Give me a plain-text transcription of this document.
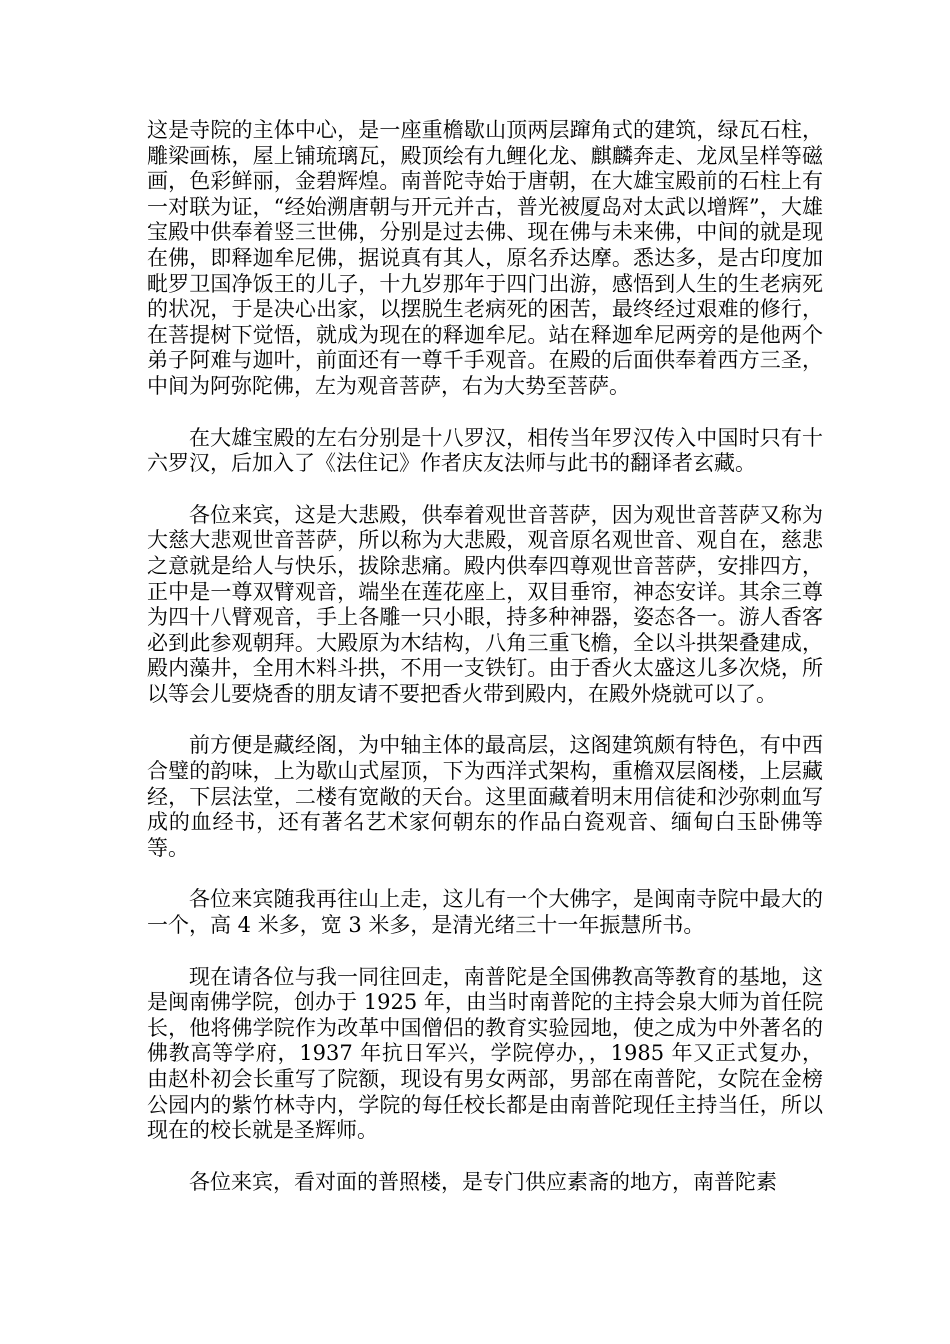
这是寺院的主体中心，是一座重檐歇山顶两层蹿角式的建筑，绿瓦石柱，雕梁画栋，屋上铺琉璃瓦，殿顶绘有九鲤化龙、麒麟奔走、龙凤呈样等磁画，色彩鲜丽，金碧辉煌。南普陀寺始于唐朝，在大雄宝殿前的石柱上有一对联为证，“经始溯唐朝与开元并古，普光被厦岛对太武以增辉”，大雄宝殿中供奉着竖三世佛，分别是过去佛、现在佛与未来佛，中间的就是现在佛，即释迦牟尼佛，据说真有其人，原名乔达摩。悉达多，是古印度加毗罗卫国净饭王的儿子，十九岁那年于四门出游，感悟到人生的生老病死的状况，于是决心出家，以摆脱生老病死的困苦，最终经过艰难的修行，在菩提树下觉悟，就成为现在的释迦牟尼。站在释迦牟尼两旁的是他两个弟子阿难与迦叶，前面还有一尊千手观音。在殿的后面供奉着西方三圣，中间为阿弥陀佛，左为观音菩萨，右为大势至菩萨。

在大雄宝殿的左右分别是十八罗汉，相传当年罗汉传入中国时只有十六罗汉，后加入了《法住记》作者庆友法师与此书的翻译者玄藏。

各位来宾，这是大悲殿，供奉着观世音菩萨，因为观世音菩萨又称为大慈大悲观世音菩萨，所以称为大悲殿，观音原名观世音、观自在，慈悲之意就是给人与快乐，拔除悲痛。殿内供奉四尊观世音菩萨，安排四方，正中是一尊双臂观音，端坐在莲花座上，双目垂帘，神态安详。其余三尊为四十八臂观音，手上各雕一只小眼，持多种神器，姿态各一。游人香客必到此参观朝拜。大殿原为木结构，八角三重飞檐，全以斗拱架叠建成，殿内藻井，全用木料斗拱，不用一支铁钉。由于香火太盛这儿多次烧，所以等会儿要烧香的朋友请不要把香火带到殿内，在殿外烧就可以了。

前方便是藏经阁，为中轴主体的最高层，这阁建筑颇有特色，有中西合璧的韵味，上为歇山式屋顶，下为西洋式架构，重檐双层阁楼，上层藏经，下层法堂，二楼有宽敞的天台。这里面藏着明末用信徒和沙弥刺血写成的血经书，还有著名艺术家何朝东的作品白瓷观音、缅甸白玉卧佛等等。

各位来宾随我再往山上走，这儿有一个大佛字，是闽南寺院中最大的一个，高 4 米多，宽 3 米多，是清光绪三十一年振慧所书。

现在请各位与我一同往回走，南普陀是全国佛教高等教育的基地，这是闽南佛学院，创办于 1925 年，由当时南普陀的主持会泉大师为首任院长，他将佛学院作为改革中国僧侣的教育实验园地，使之成为中外著名的佛教高等学府，1937 年抗日军兴，学院停办，，1985 年又正式复办，由赵朴初会长重写了院额，现设有男女两部，男部在南普陀，女院在金榜公园内的紫竹林寺内，学院的每任校长都是由南普陀现任主持当任，所以现在的校长就是圣辉师。

各位来宾，看对面的普照楼，是专门供应素斋的地方，南普陀素
